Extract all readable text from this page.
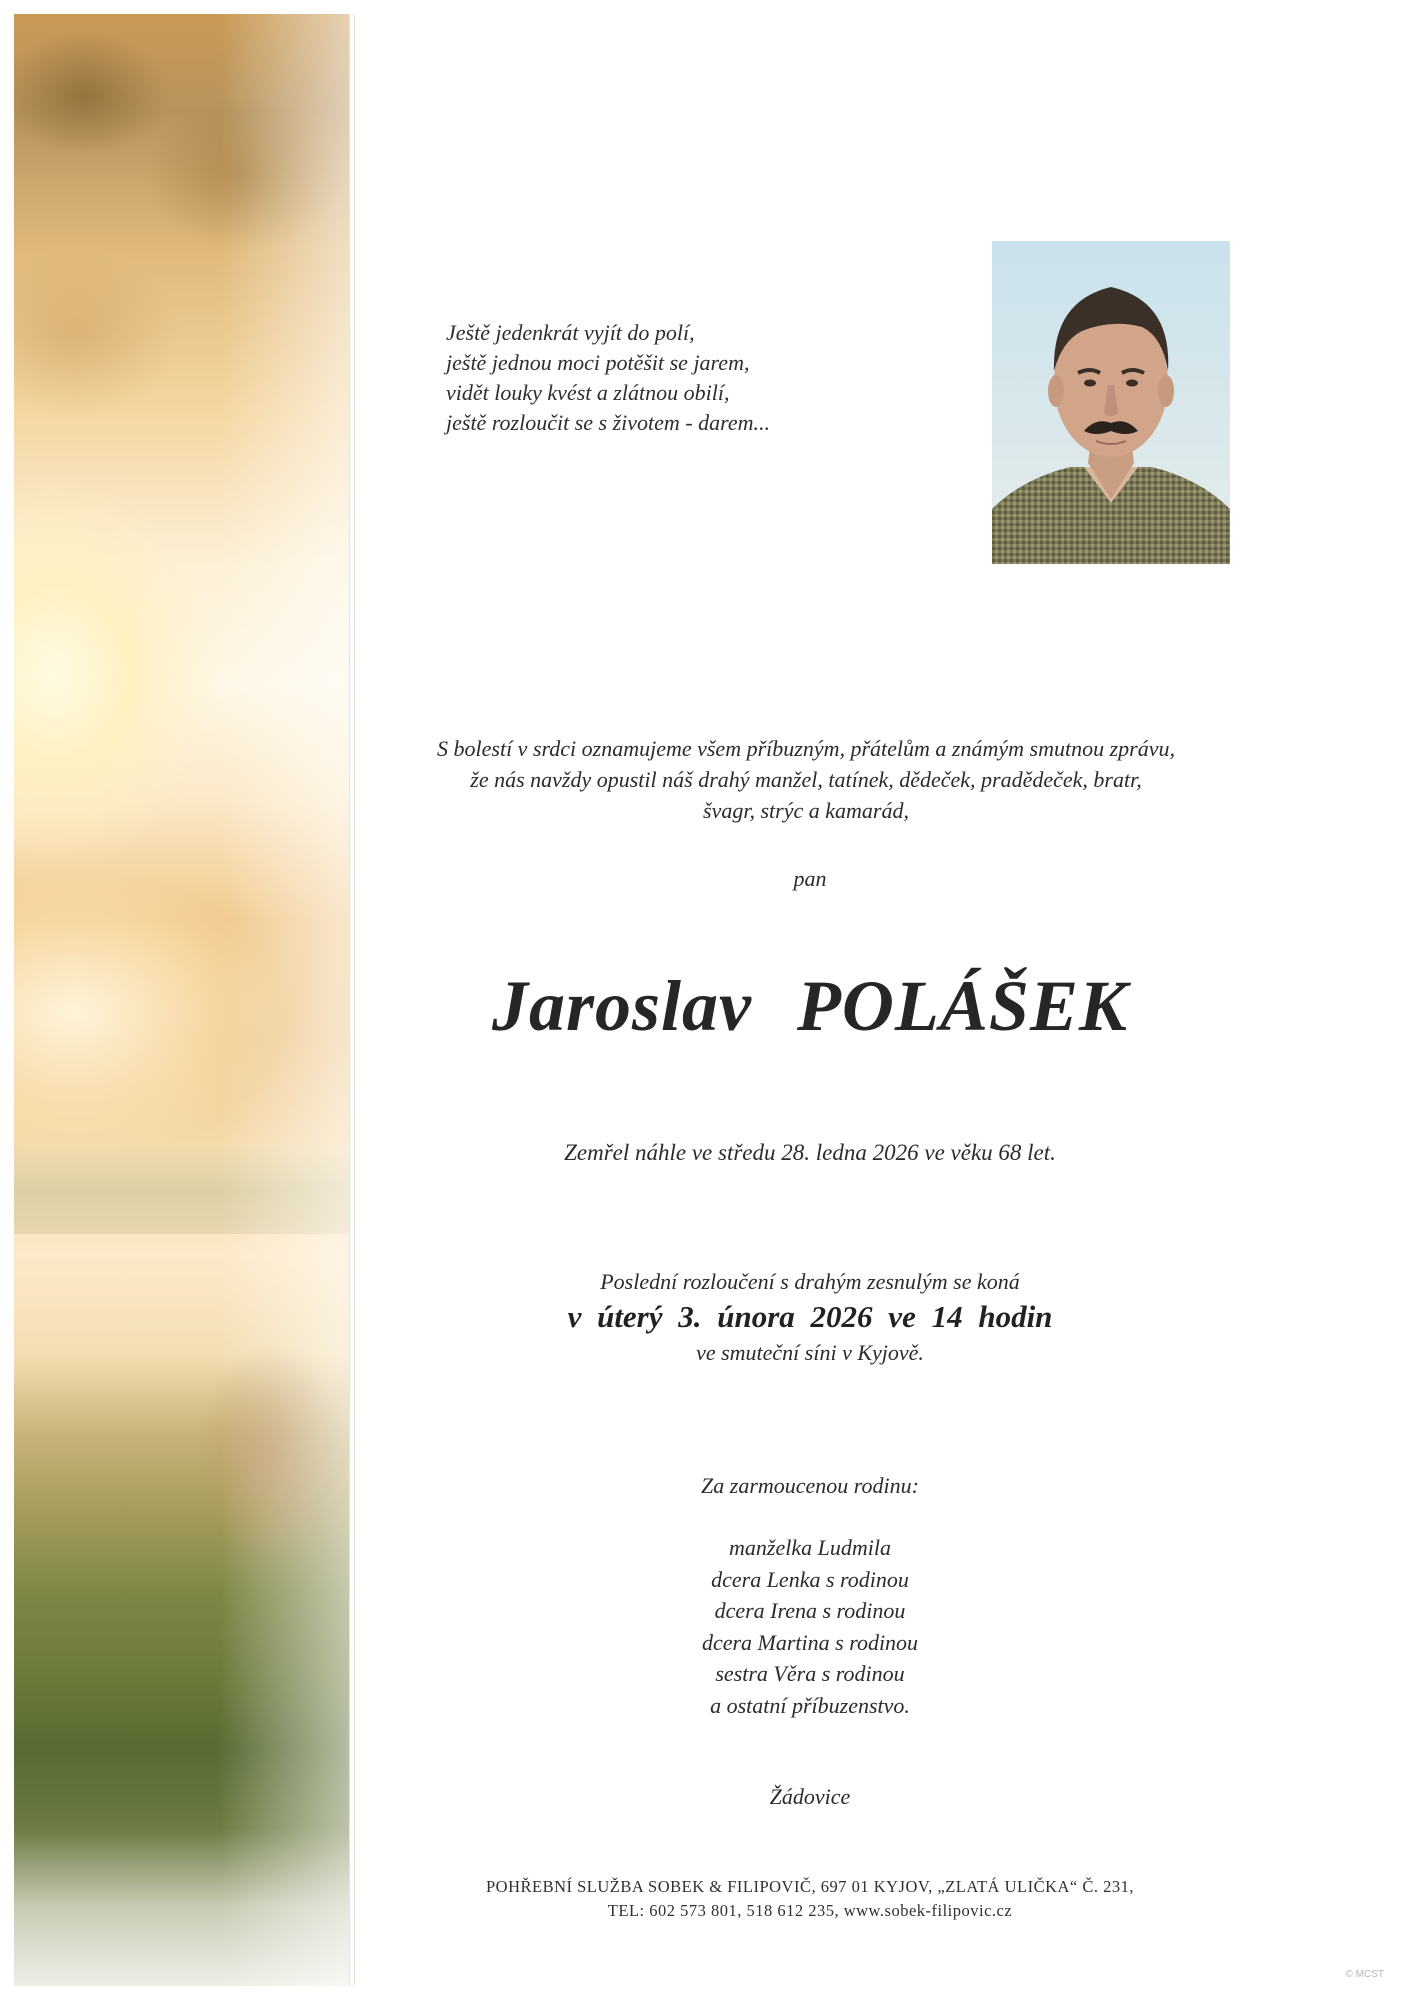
Ještě jedenkrát vyjít do polí,
ještě jednou moci potěšit se jarem,
vidět louky kvést a zlátnou obilí,
ještě rozloučit se s životem - darem...
S bolestí v srdci oznamujeme všem příbuzným, přátelům a známým smutnou zprávu,
že nás navždy opustil náš drahý manžel, tatínek, dědeček, pradědeček, bratr,
švagr, strýc a kamarád,
pan
Jaroslav POLÁŠEK
Zemřel náhle ve středu 28. ledna 2026 ve věku 68 let.
Poslední rozloučení s drahým zesnulým se koná
v úterý 3. února 2026 ve 14 hodin
ve smuteční síni v Kyjově.
Za zarmoucenou rodinu:
manželka Ludmila
dcera Lenka s rodinou
dcera Irena s rodinou
dcera Martina s rodinou
sestra Věra s rodinou
a ostatní příbuzenstvo.
Žádovice
POHŘEBNÍ SLUŽBA SOBEK & FILIPOVIČ, 697 01 KYJOV, „ZLATÁ ULIČKA“ Č. 231,
TEL: 602 573 801, 518 612 235, www.sobek-filipovic.cz
© MCST
